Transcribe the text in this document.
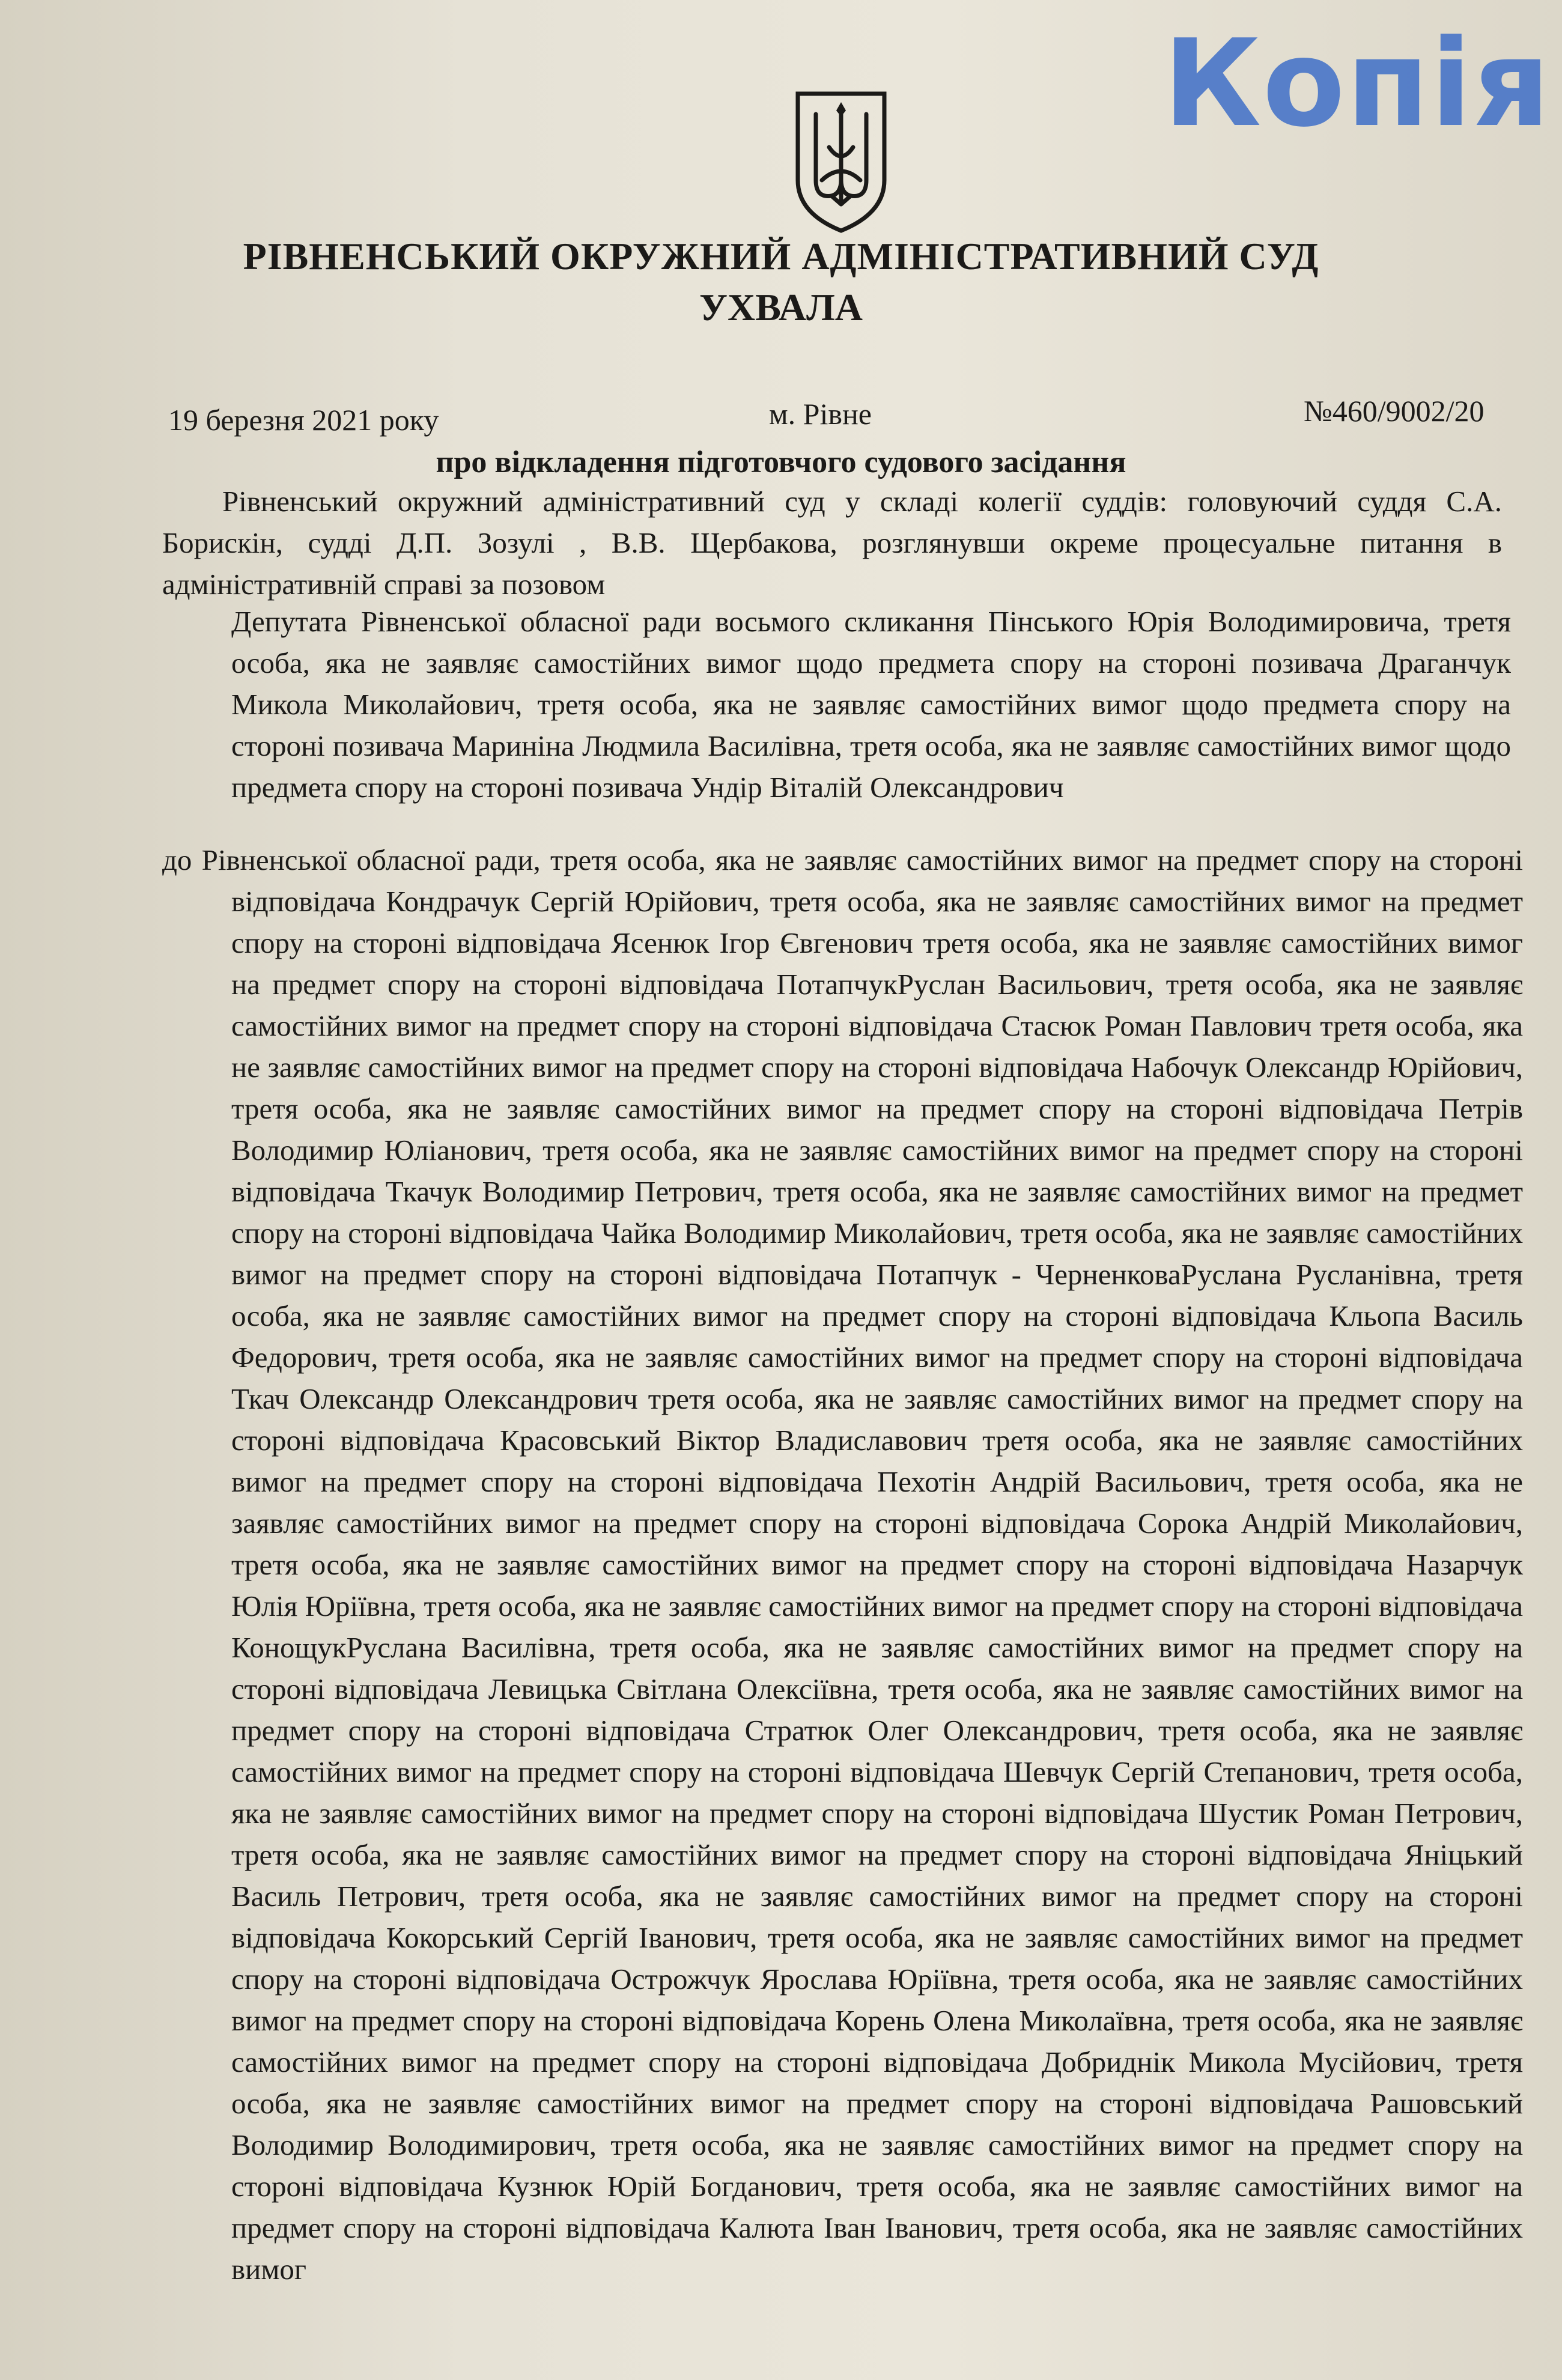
Копія
РІВНЕНСЬКИЙ ОКРУЖНИЙ АДМІНІСТРАТИВНИЙ СУД
УХВАЛА
19 березня 2021 року	м. Рівне	№460/9002/20
про відкладення підготовчого судового засідання
Рівненський окружний адміністративний суд у складі колегії суддів: головуючий суддя С.А. Борискін, судді Д.П. Зозулі , В.В. Щербакова, розглянувши окреме процесуальне питання в адміністративній справі за позовом
Депутата Рівненської обласної ради восьмого скликання Пінського Юрія Володимировича, третя особа, яка не заявляє самостійних вимог щодо предмета спору на стороні позивача Драганчук Микола Миколайович, третя особа, яка не заявляє самостійних вимог щодо предмета спору на стороні позивача Мариніна Людмила Василівна, третя особа, яка не заявляє самостійних вимог щодо предмета спору на стороні позивача Ундір Віталій Олександрович
до Рівненської обласної ради, третя особа, яка не заявляє самостійних вимог на предмет спору на стороні відповідача Кондрачук Сергій Юрійович, третя особа, яка не заявляє самостійних вимог на предмет спору на стороні відповідача Ясенюк Ігор Євгенович третя особа, яка не заявляє самостійних вимог на предмет спору на стороні відповідача ПотапчукРуслан Васильович, третя особа, яка не заявляє самостійних вимог на предмет спору на стороні відповідача Стасюк Роман Павлович третя особа, яка не заявляє самостійних вимог на предмет спору на стороні відповідача Набочук Олександр Юрійович, третя особа, яка не заявляє самостійних вимог на предмет спору на стороні відповідача Петрів Володимир Юліанович, третя особа, яка не заявляє самостійних вимог на предмет спору на стороні відповідача Ткачук Володимир Петрович, третя особа, яка не заявляє самостійних вимог на предмет спору на стороні відповідача Чайка Володимир Миколайович, третя особа, яка не заявляє самостійних вимог на предмет спору на стороні відповідача Потапчук - ЧерненковаРуслана Русланівна, третя особа, яка не заявляє самостійних вимог на предмет спору на стороні відповідача Кльопа Василь Федорович, третя особа, яка не заявляє самостійних вимог на предмет спору на стороні відповідача Ткач Олександр Олександрович третя особа, яка не заявляє самостійних вимог на предмет спору на стороні відповідача Красовський Віктор Владиславович третя особа, яка не заявляє самостійних вимог на предмет спору на стороні відповідача Пехотін Андрій Васильович, третя особа, яка не заявляє самостійних вимог на предмет спору на стороні відповідача Сорока Андрій Миколайович, третя особа, яка не заявляє самостійних вимог на предмет спору на стороні відповідача Назарчук Юлія Юріївна, третя особа, яка не заявляє самостійних вимог на предмет спору на стороні відповідача КонощукРуслана Василівна, третя особа, яка не заявляє самостійних вимог на предмет спору на стороні відповідача Левицька Світлана Олексіївна, третя особа, яка не заявляє самостійних вимог на предмет спору на стороні відповідача Стратюк Олег Олександрович, третя особа, яка не заявляє самостійних вимог на предмет спору на стороні відповідача Шевчук Сергій Степанович, третя особа, яка не заявляє самостійних вимог на предмет спору на стороні відповідача Шустик Роман Петрович, третя особа, яка не заявляє самостійних вимог на предмет спору на стороні відповідача Яніцький Василь Петрович, третя особа, яка не заявляє самостійних вимог на предмет спору на стороні відповідача Кокорський Сергій Іванович, третя особа, яка не заявляє самостійних вимог на предмет спору на стороні відповідача Острожчук Ярослава Юріївна, третя особа, яка не заявляє самостійних вимог на предмет спору на стороні відповідача Корень Олена Миколаївна, третя особа, яка не заявляє самостійних вимог на предмет спору на стороні відповідача Добриднік Микола Мусійович, третя особа, яка не заявляє самостійних вимог на предмет спору на стороні відповідача Рашовський Володимир Володимирович, третя особа, яка не заявляє самостійних вимог на предмет спору на стороні відповідача Кузнюк Юрій Богданович, третя особа, яка не заявляє самостійних вимог на предмет спору на стороні відповідача Калюта Іван Іванович, третя особа, яка не заявляє самостійних вимог
